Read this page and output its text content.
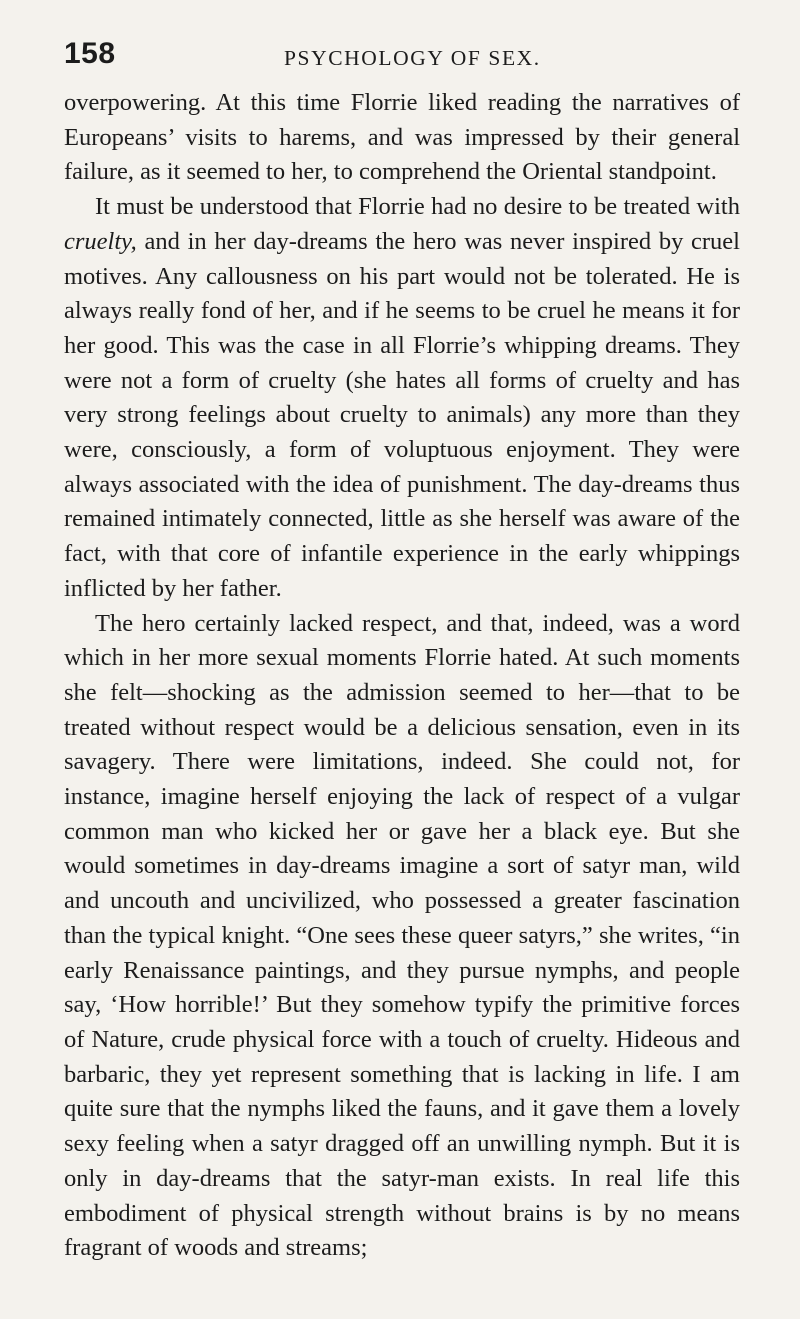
158	PSYCHOLOGY OF SEX.

overpowering. At this time Florrie liked reading the narratives of Europeans’ visits to harems, and was impressed by their general failure, as it seemed to her, to comprehend the Oriental standpoint.

It must be understood that Florrie had no desire to be treated with cruelty, and in her day-dreams the hero was never inspired by cruel motives. Any callousness on his part would not be tolerated. He is always really fond of her, and if he seems to be cruel he means it for her good. This was the case in all Florrie’s whipping dreams. They were not a form of cruelty (she hates all forms of cruelty and has very strong feelings about cruelty to animals) any more than they were, consciously, a form of voluptuous enjoyment. They were always associated with the idea of punishment. The day-dreams thus remained intimately connected, little as she herself was aware of the fact, with that core of infantile experience in the early whippings inflicted by her father.

The hero certainly lacked respect, and that, indeed, was a word which in her more sexual moments Florrie hated. At such moments she felt—shocking as the admission seemed to her—that to be treated without respect would be a delicious sensation, even in its savagery. There were limitations, indeed. She could not, for instance, imagine herself enjoying the lack of respect of a vulgar common man who kicked her or gave her a black eye. But she would sometimes in day-dreams imagine a sort of satyr man, wild and uncouth and uncivilized, who possessed a greater fascination than the typical knight. “One sees these queer satyrs,” she writes, “in early Renaissance paintings, and they pursue nymphs, and people say, ‘How horrible!’ But they somehow typify the primitive forces of Nature, crude physical force with a touch of cruelty. Hideous and barbaric, they yet represent something that is lacking in life. I am quite sure that the nymphs liked the fauns, and it gave them a lovely sexy feeling when a satyr dragged off an unwilling nymph. But it is only in day-dreams that the satyr-man exists. In real life this embodiment of physical strength without brains is by no means fragrant of woods and streams;
